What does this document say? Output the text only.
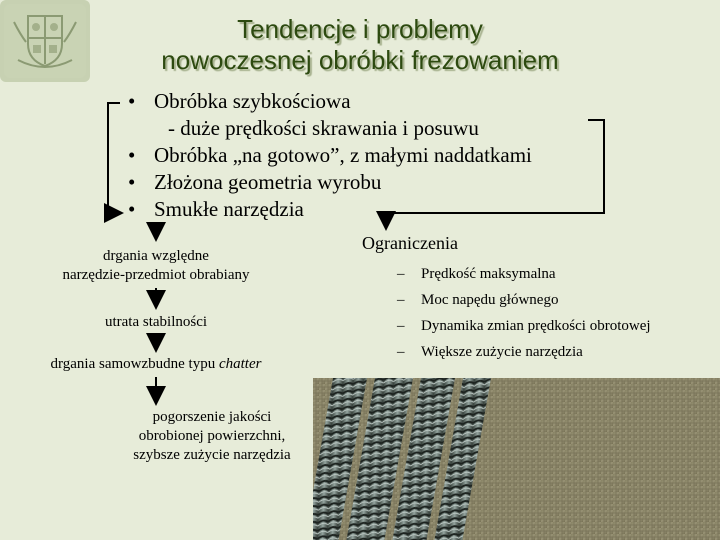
Tendencje i problemy
nowoczesnej obróbki frezowaniem
• Obróbka szybkościowa
- duże prędkości skrawania i posuwu
• Obróbka „na gotowo”, z małymi naddatkami
• Złożona geometria wyrobu
• Smukłe narzędzia
drgania względne
narzędzie-przedmiot obrabiany
utrata stabilności
drgania samowzbudne typu chatter
pogorszenie jakości
obrobionej powierzchni,
szybsze zużycie narzędzia
Ograniczenia
– Prędkość maksymalna
– Moc napędu głównego
– Dynamika zmian prędkości obrotowej
– Większe zużycie narzędzia
